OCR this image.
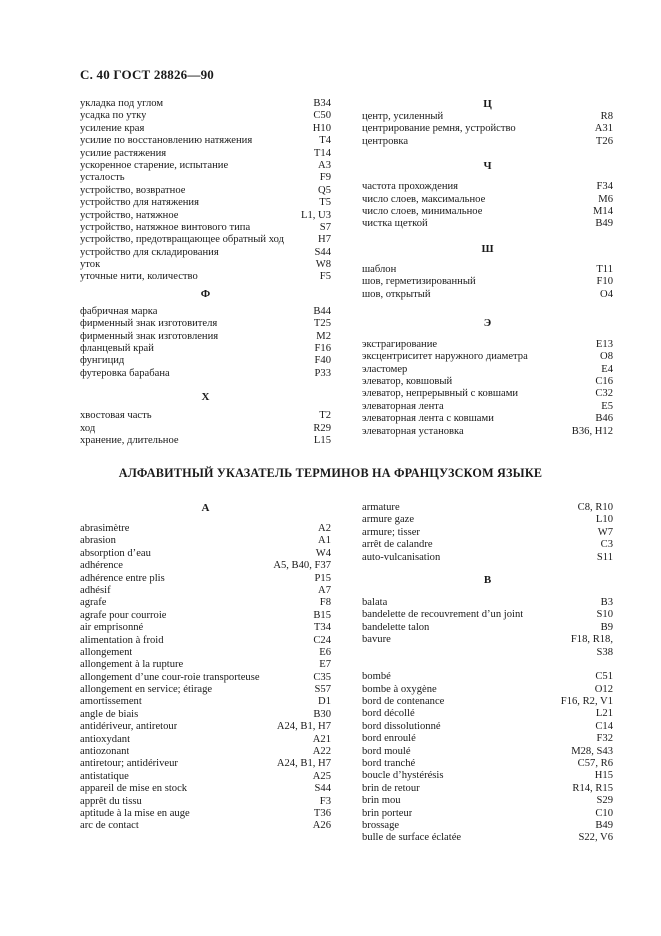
С. 40 ГОСТ 28826—90
укладка под углом	B34
усадка по утку	C50
усиление края	H10
усилие по восстановлению натяжения	T4
усилие растяжения	T14
ускоренное старение, испытание	A3
усталость	F9
устройство, возвратное	Q5
устройство для натяжения	T5
устройство, натяжное	L1, U3
устройство, натяжное винтового типа	S7
устройство, предотвращающее обратный ход	H7
устройство для складирования	S44
уток	W8
уточные нити, количество	F5
Ф
фабричная марка	B44
фирменный знак изготовителя	T25
фирменный знак изготовления	M2
фланцевый край	F16
фунгицид	F40
футеровка барабана	P33
Х
хвостовая часть	T2
ход	R29
хранение, длительное	L15
Ц
центр, усиленный	R8
центрирование ремня, устройство	A31
центровка	T26
Ч
частота прохождения	F34
число слоев, максимальное	M6
число слоев, минимальное	M14
чистка щеткой	B49
Ш
шаблон	T11
шов, герметизированный	F10
шов, открытый	O4
Э
экстрагирование	E13
эксцентриситет наружного диаметра	O8
эластомер	E4
элеватор, ковшовый	C16
элеватор, непрерывный с ковшами	C32
элеваторная лента	E5
элеваторная лента с ковшами	B46
элеваторная установка	B36, H12
АЛФАВИТНЫЙ УКАЗАТЕЛЬ ТЕРМИНОВ НА ФРАНЦУЗСКОМ ЯЗЫКЕ
A
abrasimètre	A2
abrasion	A1
absorption d’eau	W4
adhérence	A5, B40, F37
adhérence entre plis	P15
adhésif	A7
agrafe	F8
agrafe pour courroie	B15
air emprisonné	T34
alimentation à froid	C24
allongement	E6
allongement à la rupture	E7
allongement d’une cour-roie transporteuse	C35
allongement en service; étirage	S57
amortissement	D1
angle de biais	B30
antidériveur, antiretour	A24, B1, H7
antioxydant	A21
antiozonant	A22
antiretour; antidériveur	A24, B1, H7
antistatique	A25
appareil de mise en stock	S44
apprêt du tissu	F3
aptitude à la mise en auge	T36
arc de contact	A26
armature	C8, R10
armure gaze	L10
armure; tisser	W7
arrêt de calandre	C3
auto-vulcanisation	S11
B
balata	B3
bandelette de recouvrement d’un joint	S10
bandelette talon	B9
bavure	F18, R18,
S38
bombé	C51
bombe à oxygène	O12
bord de contenance	F16, R2, V1
bord décollé	L21
bord dissolutionné	C14
bord enroulé	F32
bord moulé	M28, S43
bord tranché	C57, R6
boucle d’hystérésis	H15
brin de retour	R14, R15
brin mou	S29
brin porteur	C10
brossage	B49
bulle de surface éclatée	S22, V6
